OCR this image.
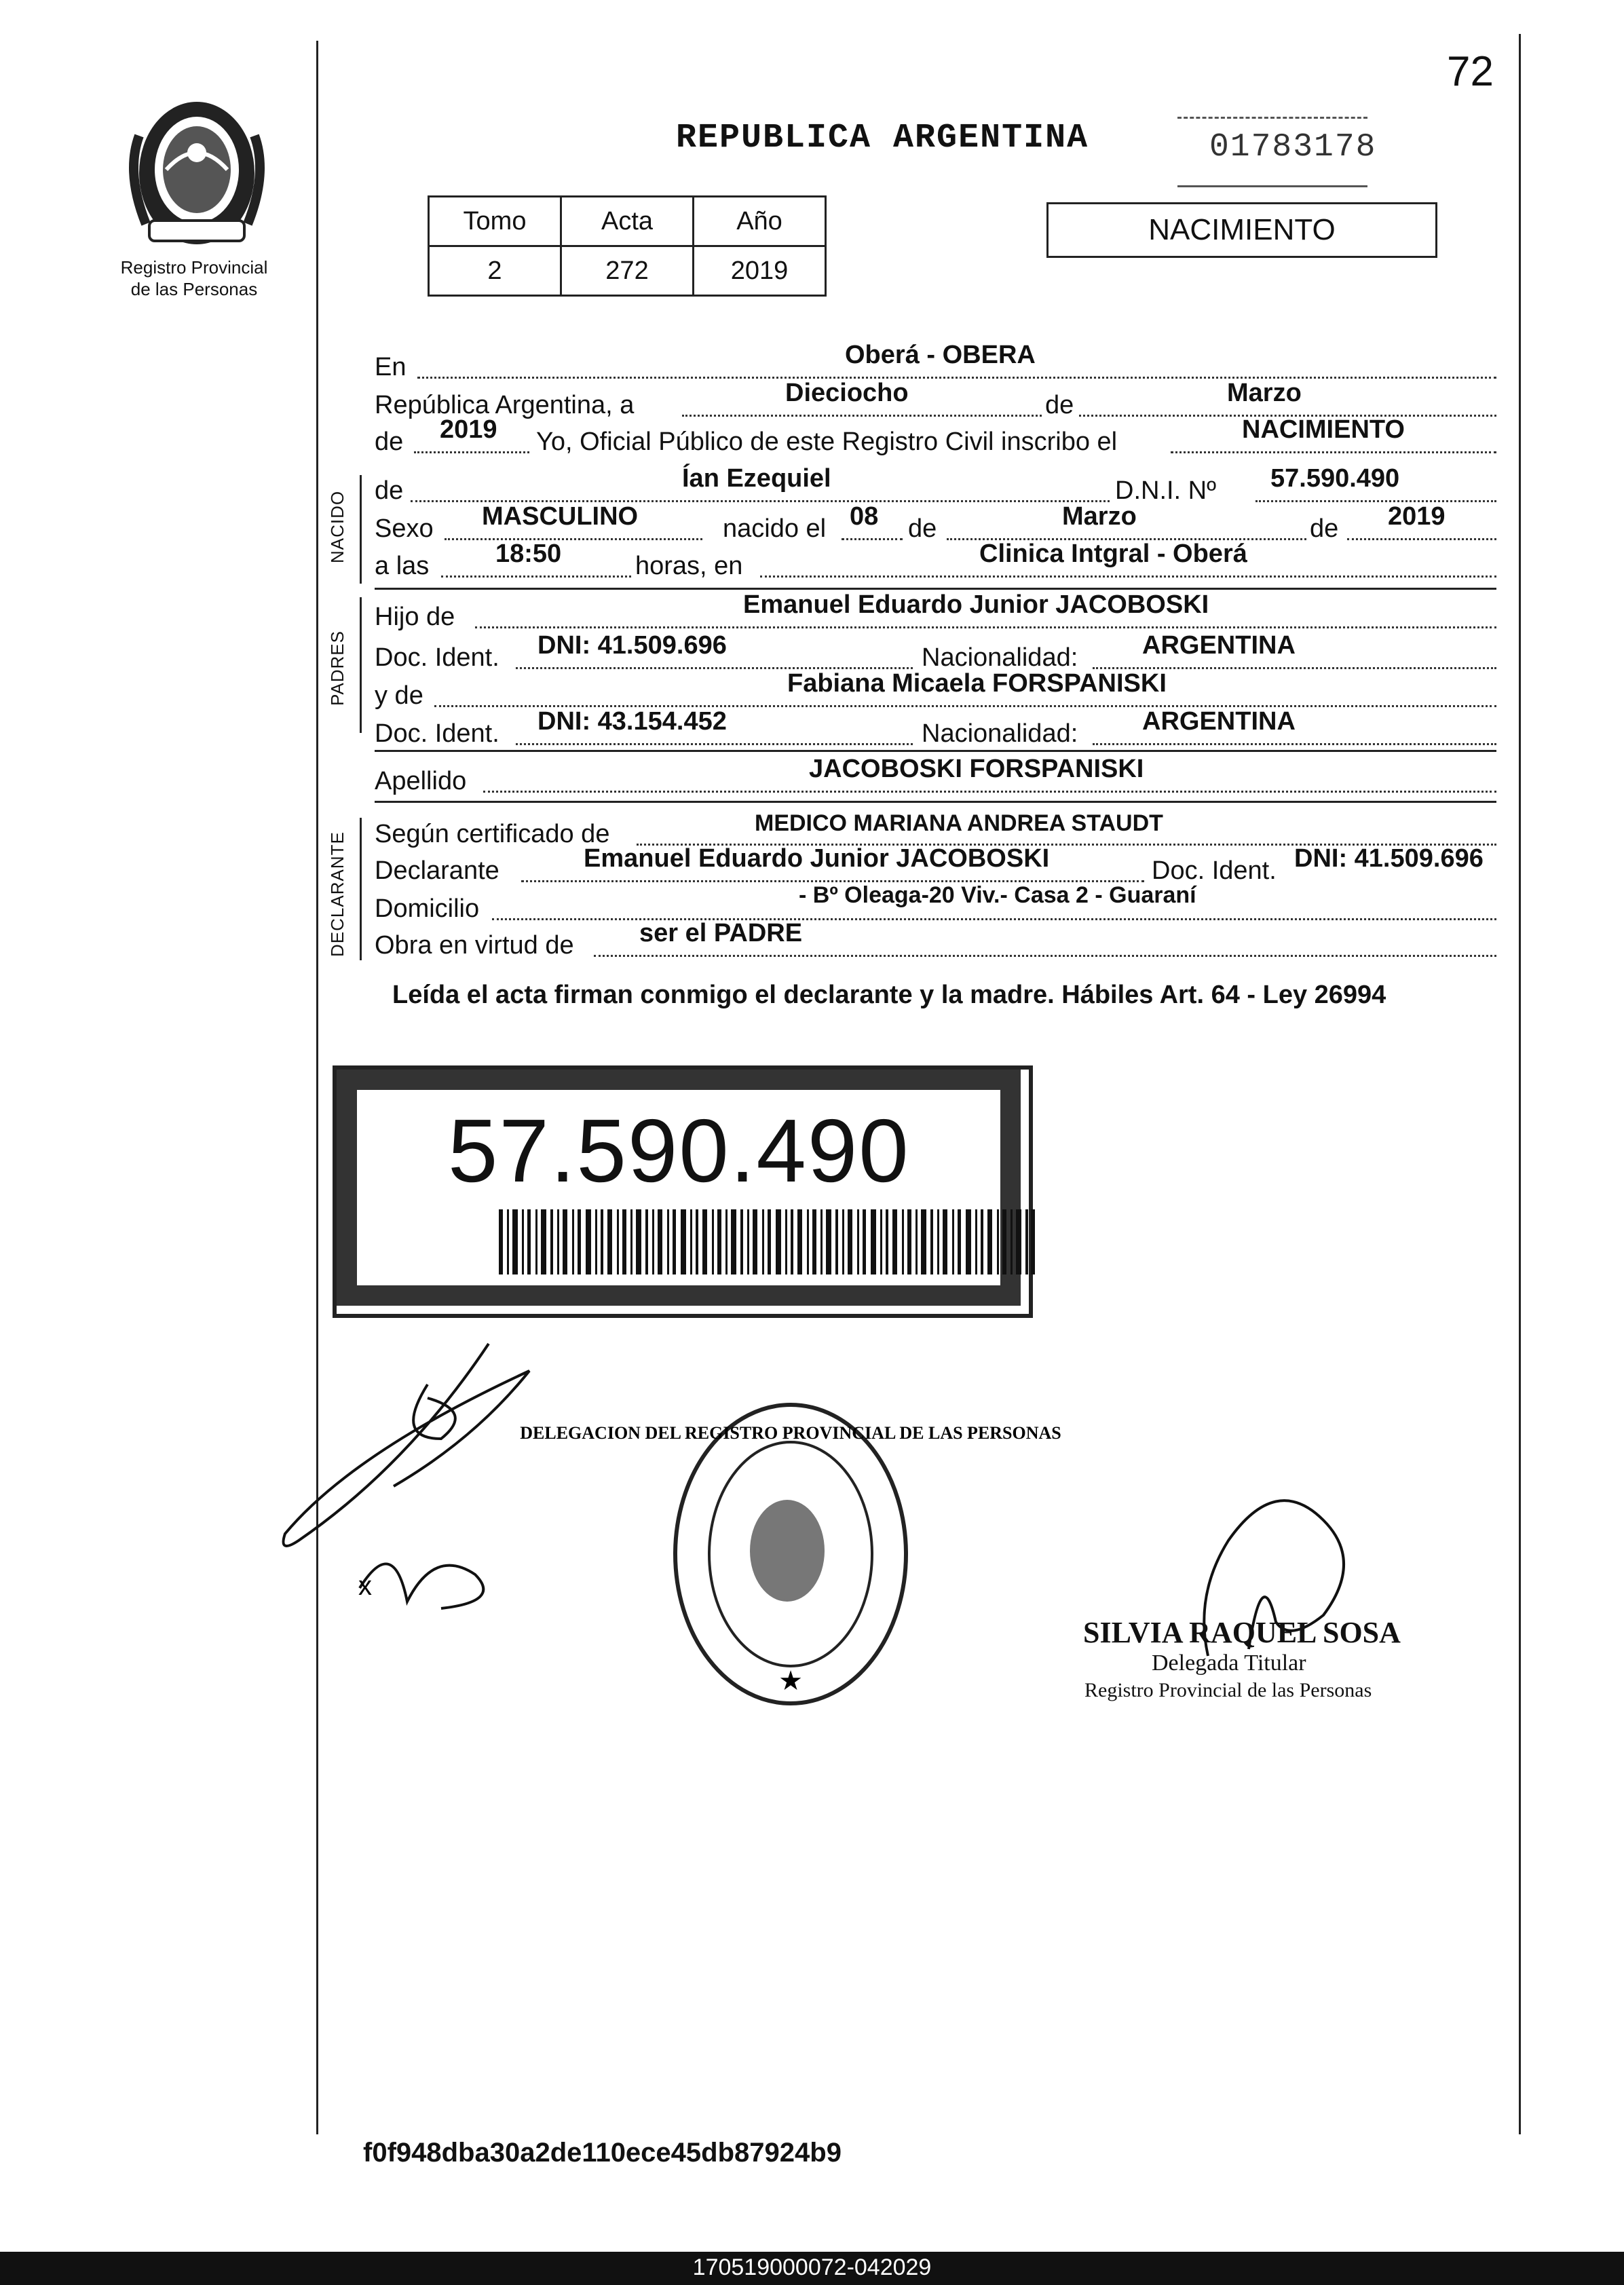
72
Registro Provincial
de las Personas
REPUBLICA ARGENTINA	01783178
Tomo	Acta	Año
2	272	2019
NACIMIENTO
En	Oberá - OBERA
República Argentina, a	Dieciocho	de	Marzo
de 2019 Yo, Oficial Público de este Registro Civil inscribo el	NACIMIENTO
NACIDO de	Ían Ezequiel	D.N.I. Nº 57.590.490
Sexo MASCULINO	nacido el 08 de	Marzo	de 2019
a las	18:50	horas, en	Clinica Intgral - Oberá
PADRES
Hijo de	Emanuel Eduardo Junior JACOBOSKI
Doc. Ident. DNI: 41.509.696	Nacionalidad: ARGENTINA
y de	Fabiana Micaela FORSPANISKI
Doc. Ident. DNI: 43.154.452	Nacionalidad: ARGENTINA
Apellido	JACOBOSKI FORSPANISKI
DECLARANTE Según certificado de	MEDICO MARIANA ANDREA STAUDT
Declarante	Emanuel Eduardo Junior JACOBOSKI	Doc. Ident. DNI: 41.509.696
Domicilio	- Bº Oleaga-20 Viv.- Casa 2 - Guaraní
Obra en virtud de	ser el PADRE
Leída el acta firman conmigo el declarante y la madre. Hábiles Art. 64 - Ley 26994
57.590.490
x
DELEGACION DEL REGISTRO PROVINCIAL DE LAS PERSONAS
★
SILVIA RAQUEL SOSA
Delegada Titular
Registro Provincial de las Personas
f0f948dba30a2de110ece45db87924b9
170519000072-042029
